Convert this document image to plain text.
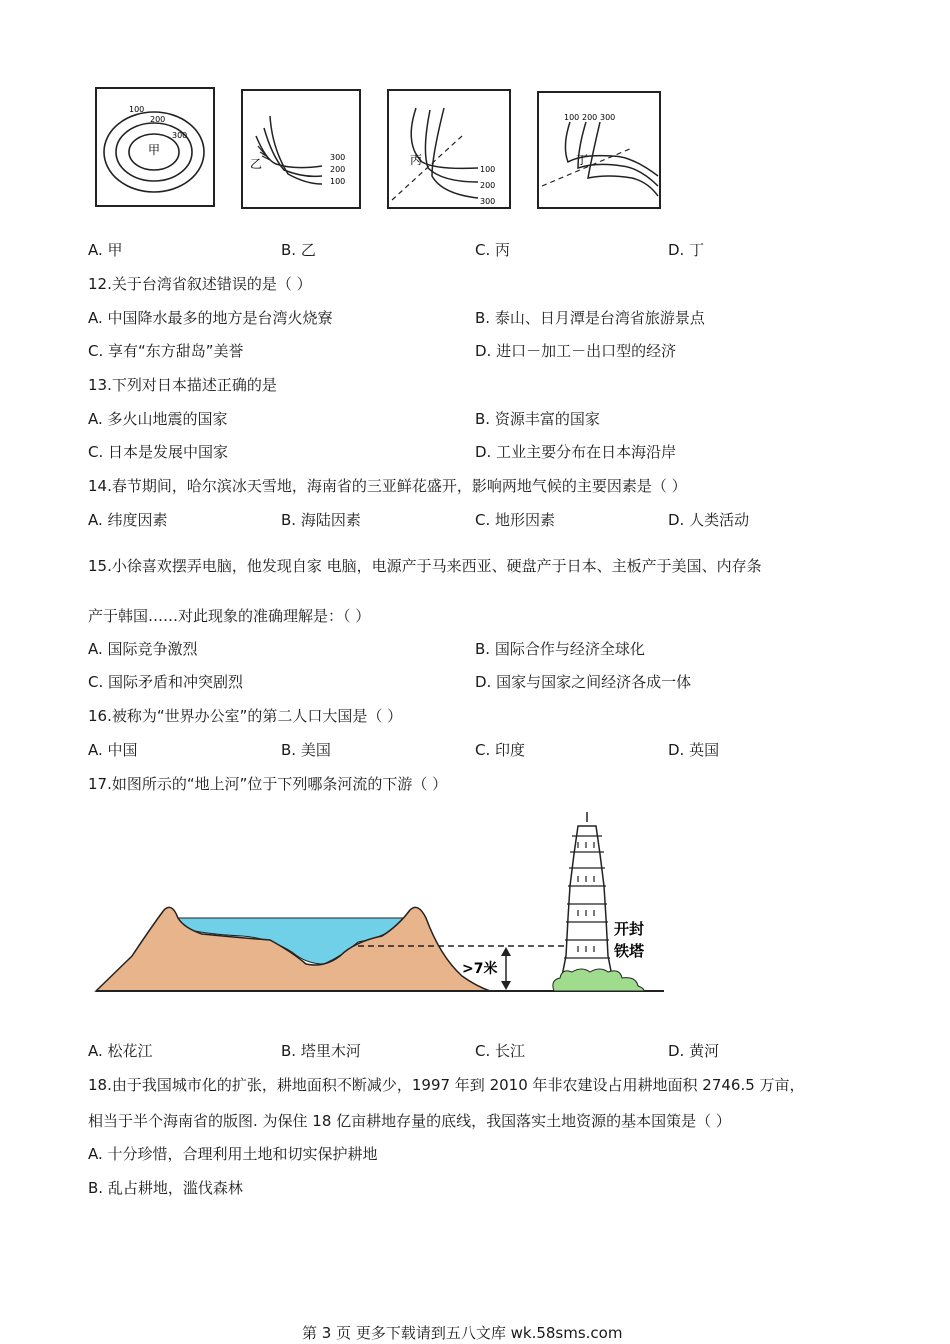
100
200
300
甲
乙	300
200
100
丙
100
200
300
100 200 300
丁
A. 甲	B. 乙	C. 丙	D. 丁
12.关于台湾省叙述错误的是（ ）
A. 中国降水最多的地方是台湾火烧寮	B. 泰山、日月潭是台湾省旅游景点
C. 享有“东方甜岛”美誉	D. 进口－加工－出口型的经济
13.下列对日本描述正确的是
A. 多火山地震的国家	B. 资源丰富的国家
C. 日本是发展中国家	D. 工业主要分布在日本海沿岸
14.春节期间，哈尔滨冰天雪地，海南省的三亚鲜花盛开，影响两地气候的主要因素是（ ）
A. 纬度因素	B. 海陆因素	C. 地形因素	D. 人类活动
15.小徐喜欢摆弄电脑，他发现自家 电脑，电源产于马来西亚、硬盘产于日本、主板产于美国、内存条
产于韩国……对此现象的准确理解是：（ ）
A. 国际竞争激烈	B. 国际合作与经济全球化
C. 国际矛盾和冲突剧烈	D. 国家与国家之间经济各成一体
16.被称为“世界办公室”的第二人口大国是（ ）
A. 中国	B. 美国	C. 印度	D. 英国
17.如图所示的“地上河”位于下列哪条河流的下游（ ）
>7米
开封
铁塔
A. 松花江	B. 塔里木河	C. 长江	D. 黄河
18.由于我国城市化的扩张，耕地面积不断减少，1997 年到 2010 年非农建设占用耕地面积 2746.5 万亩，
相当于半个海南省的版图. 为保住 18 亿亩耕地存量的底线，我国落实土地资源的基本国策是（ ）
A. 十分珍惜，合理利用土地和切实保护耕地
B. 乱占耕地，滥伐森林
第 3 页 更多下载请到五八文库 wk.58sms.com
